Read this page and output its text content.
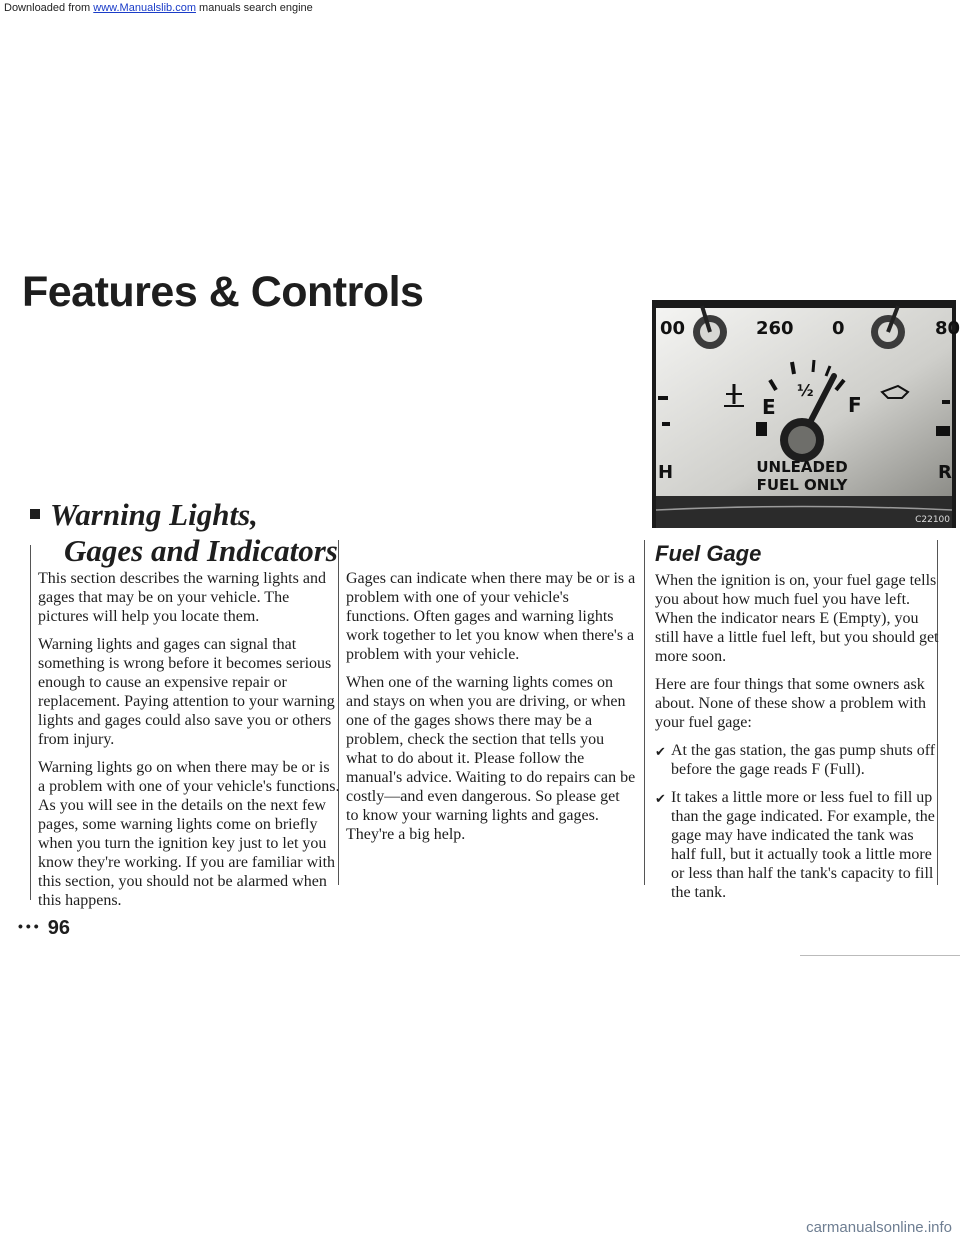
Downloaded from www.Manualslib.com manuals search engine
Features & Controls
Warning Lights,
Gages and Indicators

This section describes the warning lights and gages that may be on your vehicle. The pictures will help you locate them.

Warning lights and gages can signal that something is wrong before it becomes serious enough to cause an expensive repair or replacement. Paying attention to your warning lights and gages could also save you or others from injury.

Warning lights go on when there may be or is a problem with one of your vehicle's functions. As you will see in the details on the next few pages, some warning lights come on briefly when you turn the ignition key just to let you know they're working. If you are familiar with this section, you should not be alarmed when this happens.

Gages can indicate when there may be or is a problem with one of your vehicle's functions. Often gages and warning lights work together to let you know when there's a problem with your vehicle.

When one of the warning lights comes on and stays on when you are driving, or when one of the gages shows there may be a problem, check the section that tells you what to do about it. Please follow the manual's advice. Waiting to do repairs can be costly—and even dangerous. So please get to know your warning lights and gages. They're a big help.

00	260 0	80
½
E	F
H	R
UNLEADED
FUEL ONLY
C22100
Fuel Gage

When the ignition is on, your fuel gage tells you about how much fuel you have left. When the indicator nears E (Empty), you still have a little fuel left, but you should get more soon.

Here are four things that some owners ask about. None of these show a problem with your fuel gage:

✔ At the gas station, the gas pump shuts off before the gage reads F (Full).
✔ It takes a little more or less fuel to fill up than the gage indicated. For example, the gage may have indicated the tank was half full, but it actually took a little more or less than half the tank's capacity to fill the tank.
••• 96
carmanualsonline.info
